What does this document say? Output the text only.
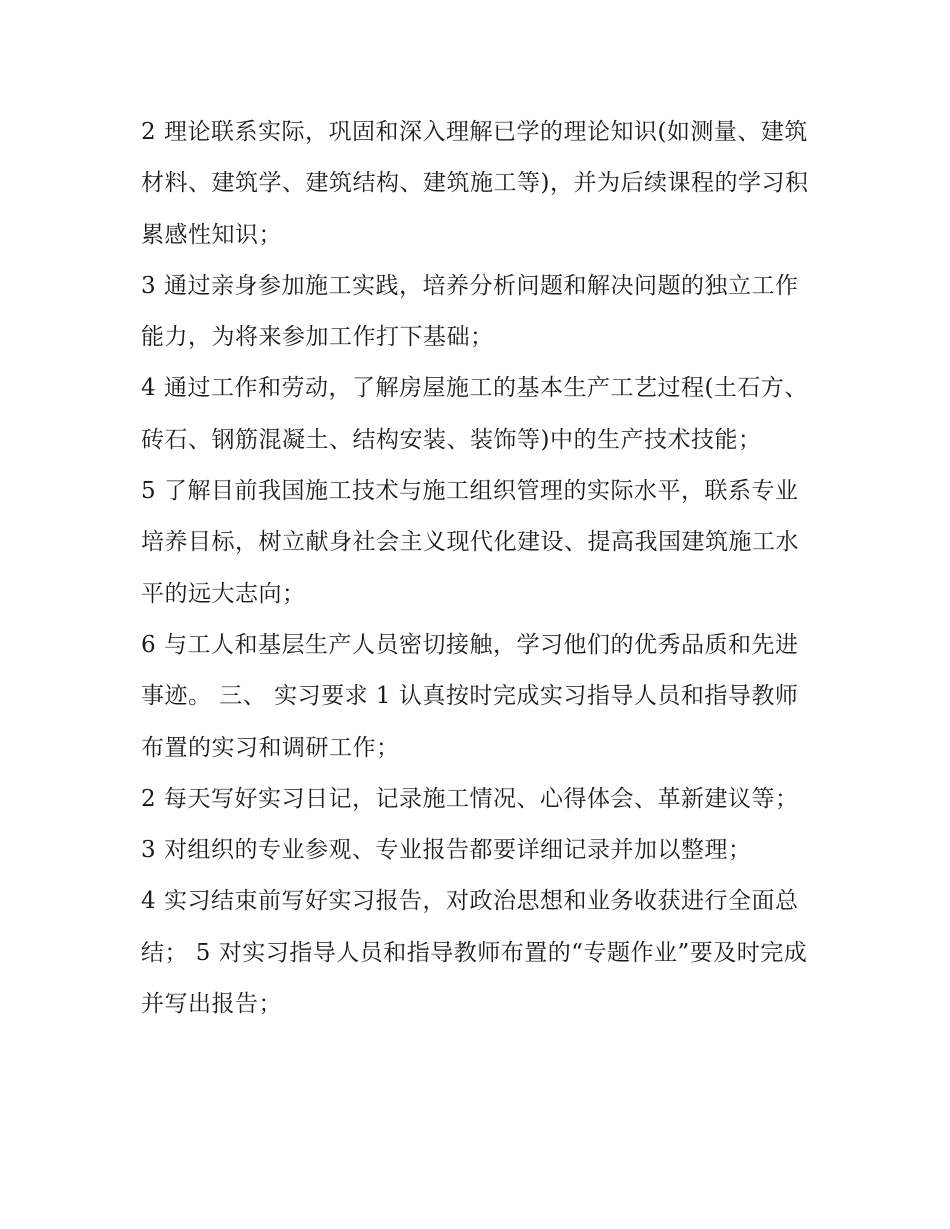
2 理论联系实际，巩固和深入理解已学的理论知识(如测量、建筑材料、建筑学、建筑结构、建筑施工等)，并为后续课程的学习积累感性知识；

3 通过亲身参加施工实践，培养分析问题和解决问题的独立工作能力，为将来参加工作打下基础；

4 通过工作和劳动，了解房屋施工的基本生产工艺过程(土石方、砖石、钢筋混凝土、结构安装、装饰等)中的生产技术技能；

5 了解目前我国施工技术与施工组织管理的实际水平，联系专业培养目标，树立献身社会主义现代化建设、提高我国建筑施工水平的远大志向；

6 与工人和基层生产人员密切接触，学习他们的优秀品质和先进事迹。 三、 实习要求 1 认真按时完成实习指导人员和指导教师布置的实习和调研工作；

2 每天写好实习日记，记录施工情况、心得体会、革新建议等； 3 对组织的专业参观、专业报告都要详细记录并加以整理；

4 实习结束前写好实习报告，对政治思想和业务收获进行全面总结； 5 对实习指导人员和指导教师布置的“专题作业”要及时完成并写出报告；
